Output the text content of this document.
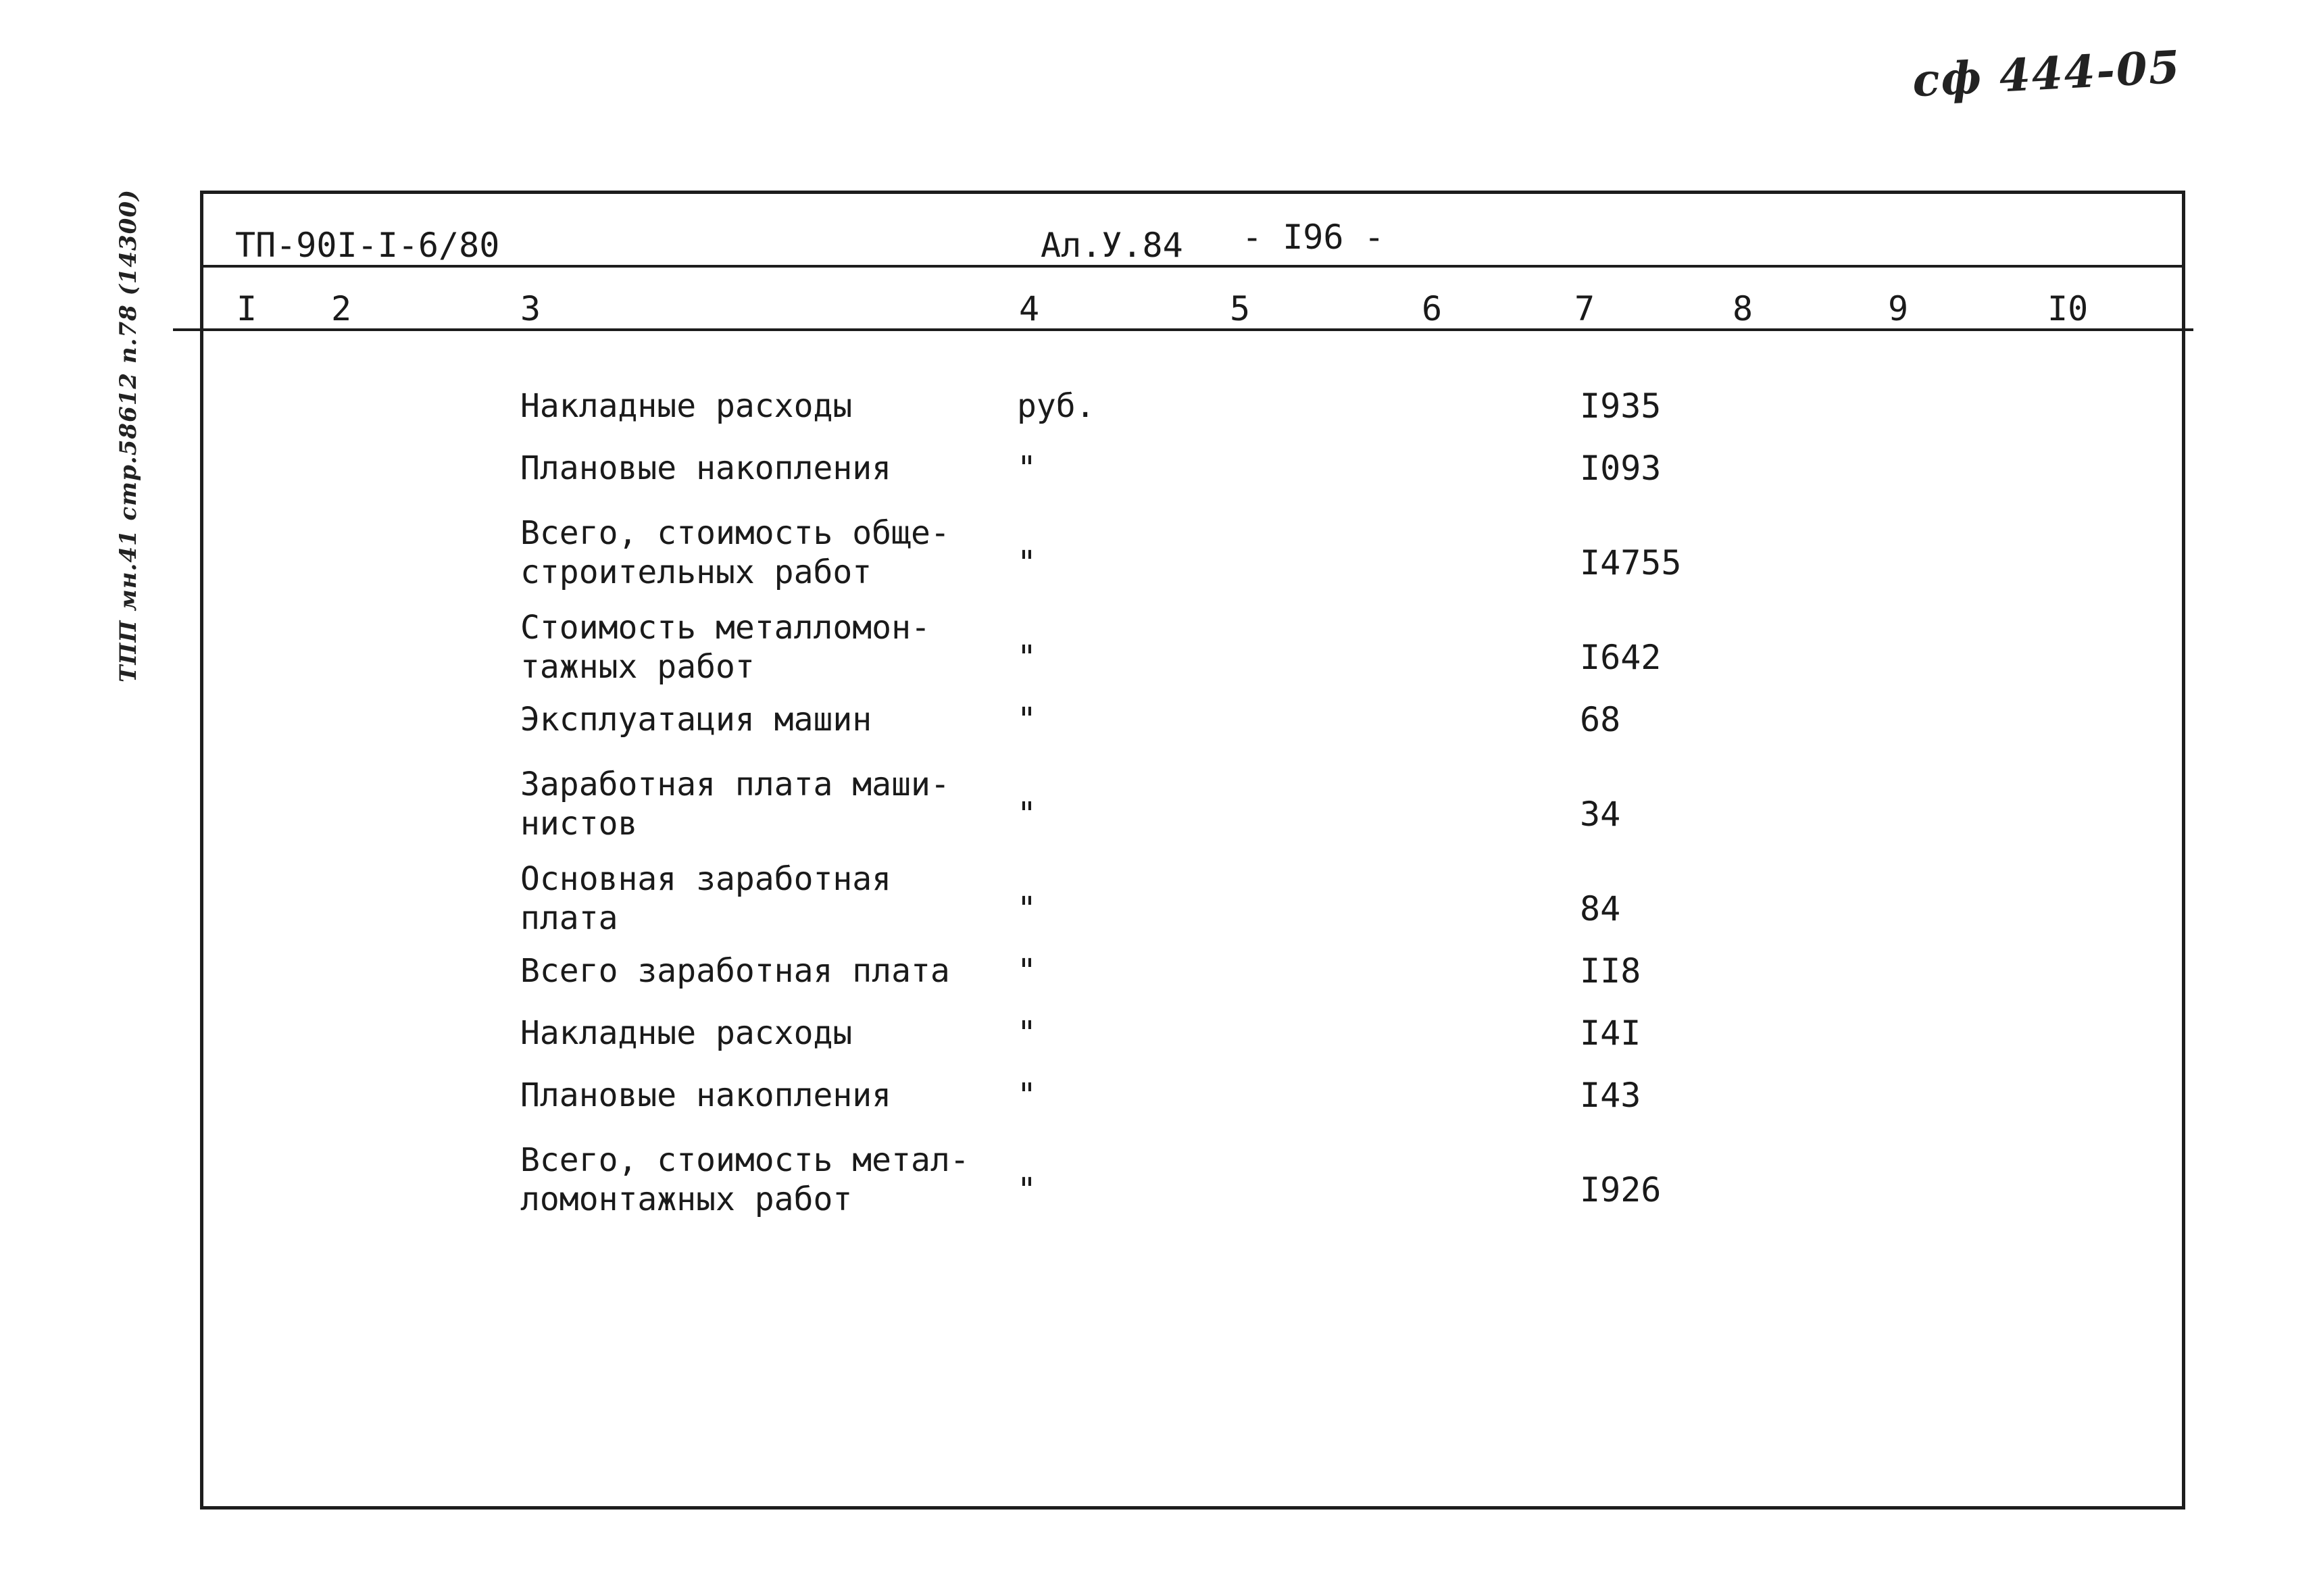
сф 444-05
ТПП мн.41 стр.58612 п.78 (14300)	ТП-90I-I-6/80	Ал.У.84 - I96 -
I 2	3	4	5	6	7	8	9	I0
Накладные расходы	руб.	I935
Плановые накопления	"	I093
Всего, стоимость обще-
строительных работ	"	I4755
Стоимость металломон-
тажных работ	"	I642
Эксплуатация машин	"	68
Заработная плата маши-
нистов	"	34
Основная заработная
плата	"	84
Всего заработная плата	"	II8
Накладные расходы	"	I4I
Плановые накопления	"	I43
Всего, стоимость метал-
ломонтажных работ	"	I926
